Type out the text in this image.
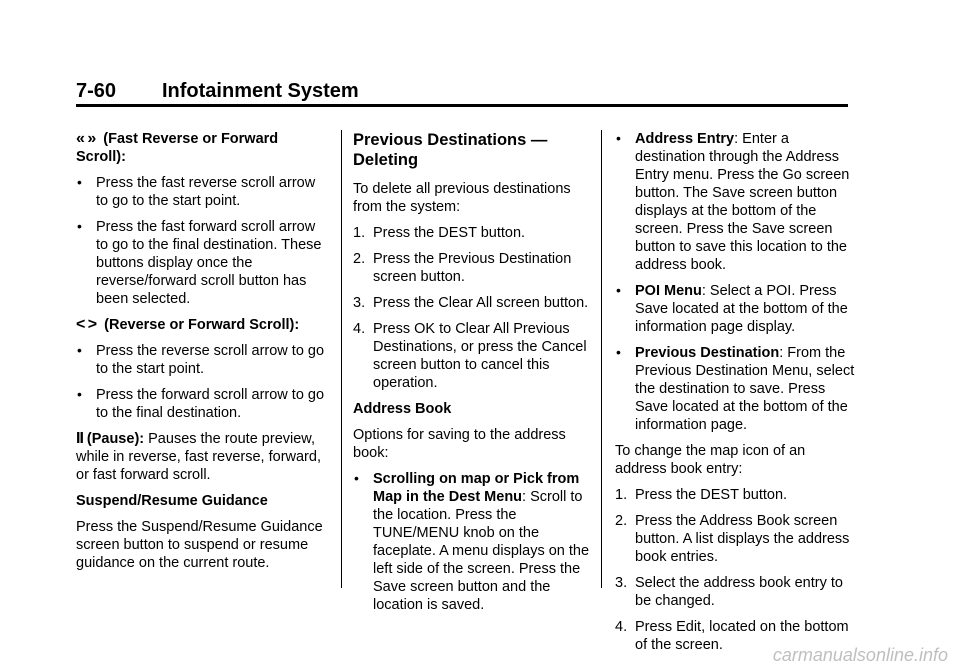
7-60 Infotainment System

« » (Fast Reverse or Forward Scroll):

• Press the fast reverse scroll arrow to go to the start point.
• Press the fast forward scroll arrow to go to the final destination. These buttons display once the reverse/forward scroll button has been selected.

< > (Reverse or Forward Scroll):

• Press the reverse scroll arrow to go to the start point.
• Press the forward scroll arrow to go to the final destination.

II (Pause): Pauses the route preview, while in reverse, fast reverse, forward, or fast forward scroll.

Suspend/Resume Guidance

Press the Suspend/Resume Guidance screen button to suspend or resume guidance on the current route.

Previous Destinations — Deleting

To delete all previous destinations from the system:

1. Press the DEST button.
2. Press the Previous Destination screen button.
3. Press the Clear All screen button.
4. Press OK to Clear All Previous Destinations, or press the Cancel screen button to cancel this operation.

Address Book

Options for saving to the address book:

• Scrolling on map or Pick from Map in the Dest Menu: Scroll to the location. Press the TUNE/MENU knob on the faceplate. A menu displays on the left side of the screen. Press the Save screen button and the location is saved.
• Address Entry: Enter a destination through the Address Entry menu. Press the Go screen button. The Save screen button displays at the bottom of the screen. Press the Save screen button to save this location to the address book.
• POI Menu: Select a POI. Press Save located at the bottom of the information page display.
• Previous Destination: From the Previous Destination Menu, select the destination to save. Press Save located at the bottom of the information page.

To change the map icon of an address book entry:

1. Press the DEST button.
2. Press the Address Book screen button. A list displays the address book entries.
3. Select the address book entry to be changed.
4. Press Edit, located on the bottom of the screen.	carmanualsonline.info
